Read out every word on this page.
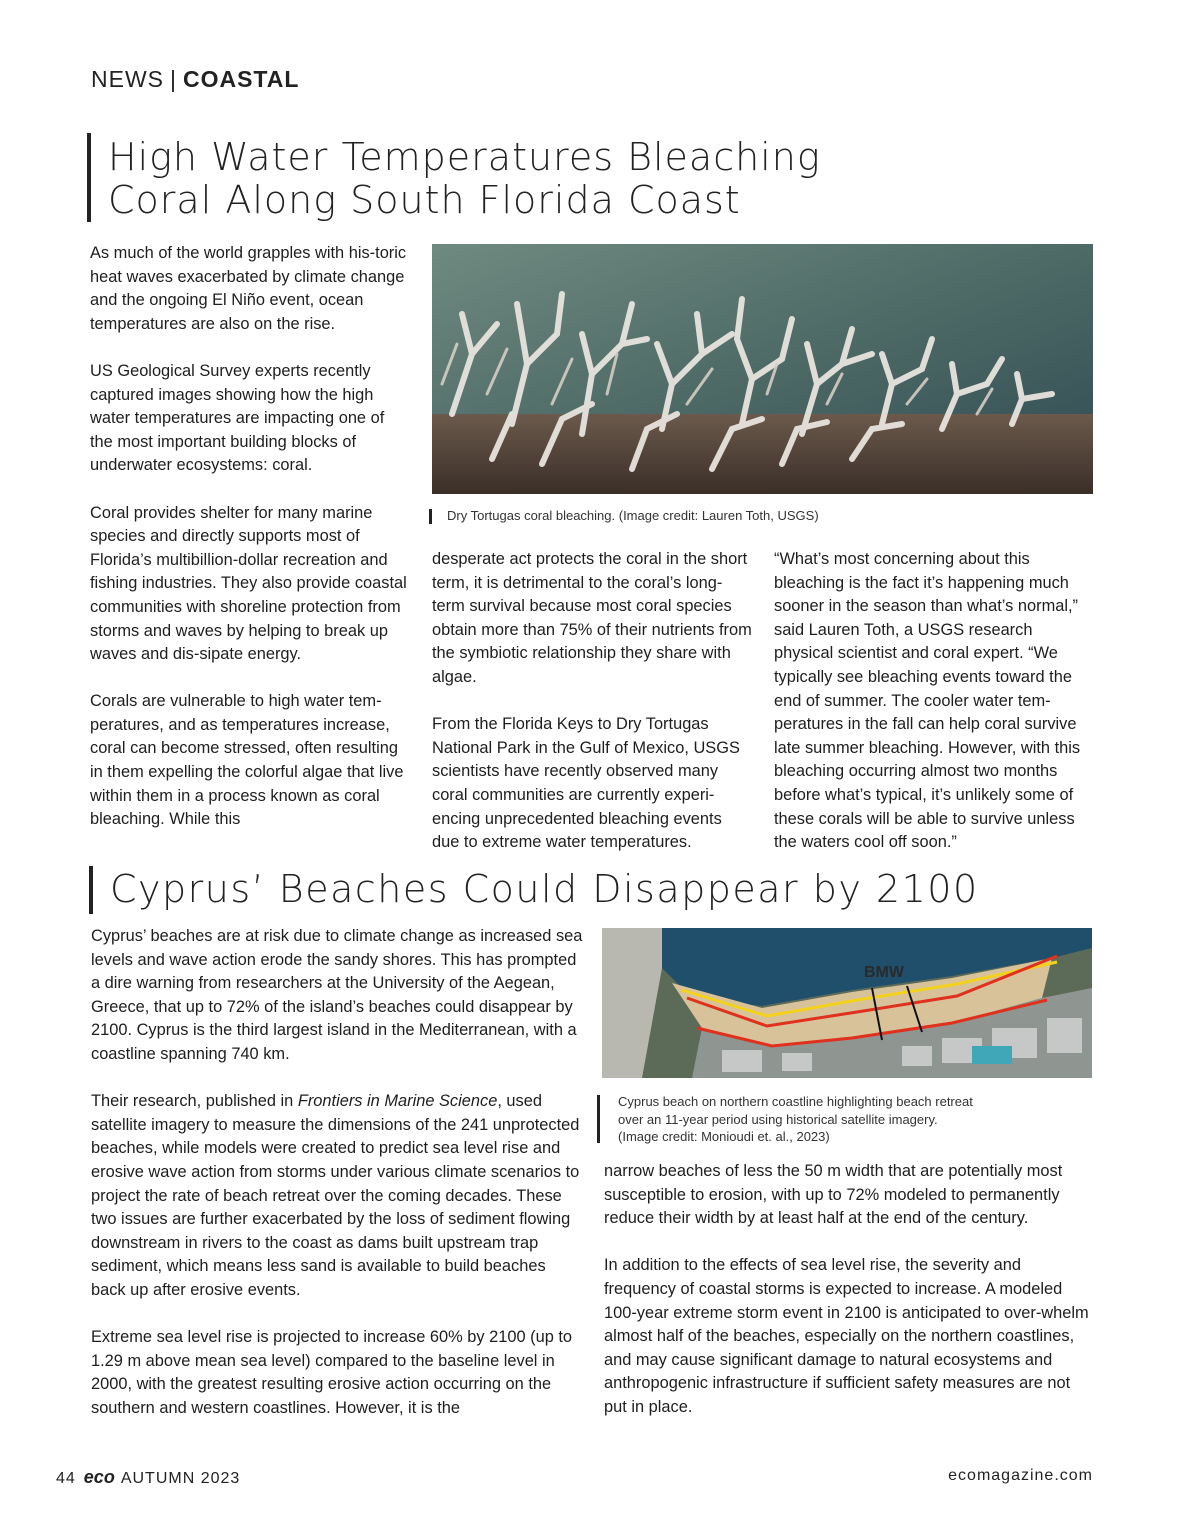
NEWS | COASTAL
High Water Temperatures Bleaching
Coral Along South Florida Coast

As much of the world grapples with his-toric heat waves exacerbated by climate change and the ongoing El Niño event, ocean temperatures are also on the rise.

US Geological Survey experts recently captured images showing how the high water temperatures are impacting one of the most important building blocks of underwater ecosystems: coral.

Coral provides shelter for many marine species and directly supports most of Florida’s multibillion-dollar recreation and fishing industries. They also provide coastal communities with shoreline protection from storms and waves by helping to break up waves and dis-sipate energy.

Corals are vulnerable to high water tem-peratures, and as temperatures increase, coral can become stressed, often resulting in them expelling the colorful algae that live within them in a process known as coral bleaching. While this

Dry Tortugas coral bleaching. (Image credit: Lauren Toth, USGS)

desperate act protects the coral in the short term, it is detrimental to the coral’s long-term survival because most coral species obtain more than 75% of their nutrients from the symbiotic relationship they share with algae.

From the Florida Keys to Dry Tortugas National Park in the Gulf of Mexico, USGS scientists have recently observed many coral communities are currently experi-encing unprecedented bleaching events due to extreme water temperatures.

“What’s most concerning about this bleaching is the fact it’s happening much sooner in the season than what’s normal,” said Lauren Toth, a USGS research physical scientist and coral expert. “We typically see bleaching events toward the end of summer. The cooler water tem-peratures in the fall can help coral survive late summer bleaching. However, with this bleaching occurring almost two months before what’s typical, it’s unlikely some of these corals will be able to survive unless the waters cool off soon.”

Cyprus’ Beaches Could Disappear by 2100

Cyprus’ beaches are at risk due to climate change as increased sea levels and wave action erode the sandy shores. This has prompted a dire warning from researchers at the University of the Aegean, Greece, that up to 72% of the island’s beaches could disappear by 2100. Cyprus is the third largest island in the Mediterranean, with a coastline spanning 740 km.

Their research, published in Frontiers in Marine Science, used satellite imagery to measure the dimensions of the 241 unprotected beaches, while models were created to predict sea level rise and erosive wave action from storms under various climate scenarios to project the rate of beach retreat over the coming decades. These two issues are further exacerbated by the loss of sediment flowing downstream in rivers to the coast as dams built upstream trap sediment, which means less sand is available to build beaches back up after erosive events.

Extreme sea level rise is projected to increase 60% by 2100 (up to 1.29 m above mean sea level) compared to the baseline level in 2000, with the greatest resulting erosive action occurring on the southern and western coastlines. However, it is the

BMW
Cyprus beach on northern coastline highlighting beach retreat over an 11-year period using historical satellite imagery. (Image credit: Monioudi et. al., 2023)

narrow beaches of less the 50 m width that are potentially most susceptible to erosion, with up to 72% modeled to permanently reduce their width by at least half at the end of the century.

In addition to the effects of sea level rise, the severity and frequency of coastal storms is expected to increase. A modeled 100-year extreme storm event in 2100 is anticipated to over-whelm almost half of the beaches, especially on the northern coastlines, and may cause significant damage to natural ecosystems and anthropogenic infrastructure if sufficient safety measures are not put in place.

44 eco AUTUMN 2023	ecomagazine.com
